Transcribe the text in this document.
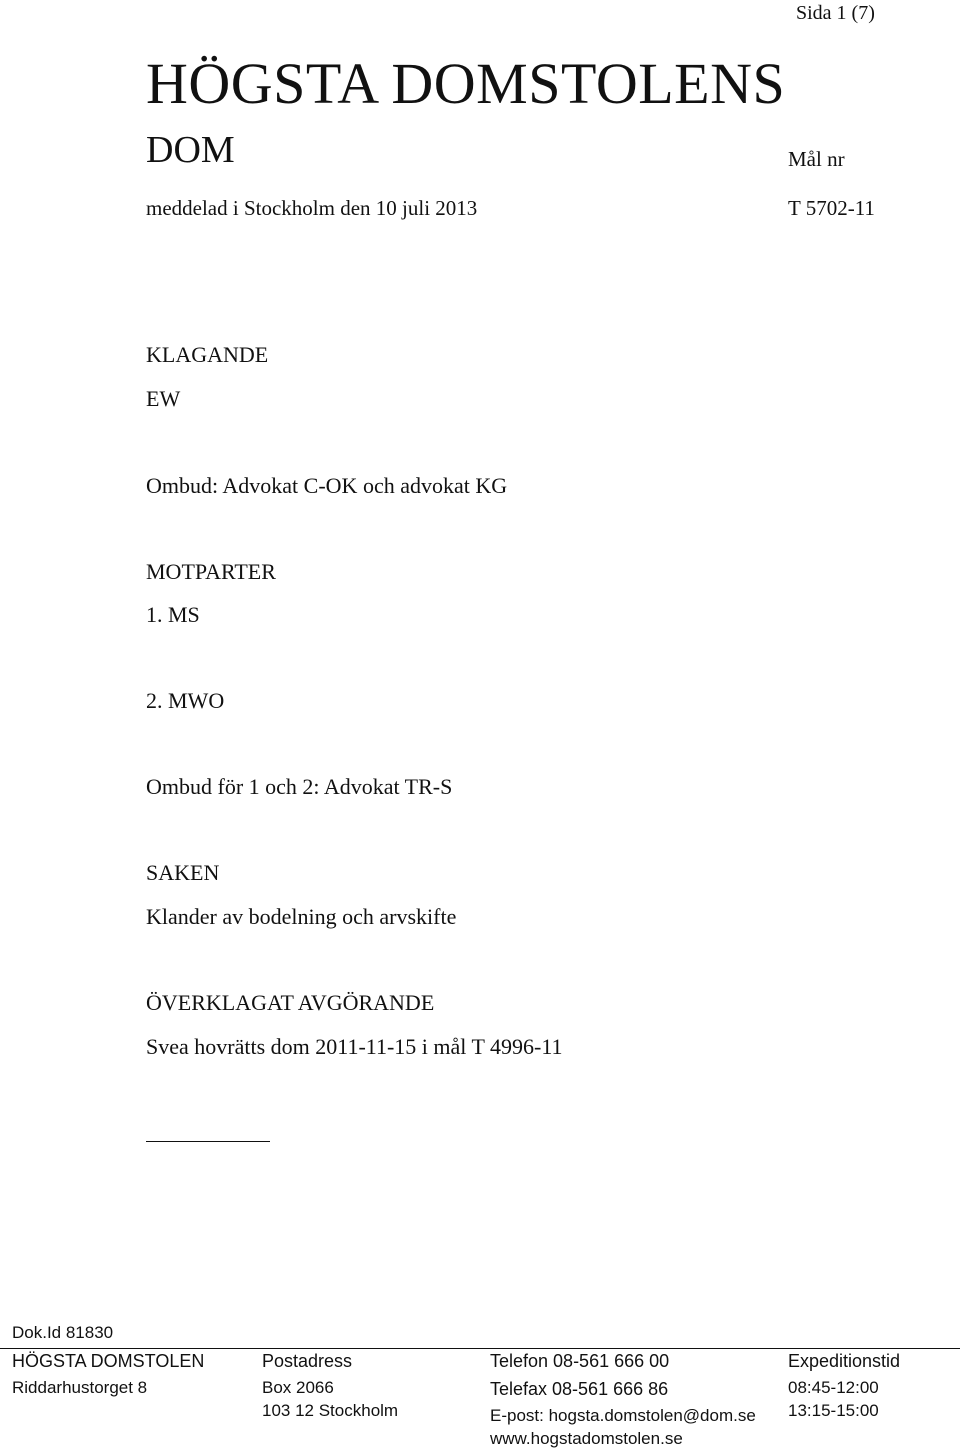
Sida 1 (7)
HÖGSTA DOMSTOLENS
DOM	Mål nr
meddelad i Stockholm den 10 juli 2013	T 5702-11
KLAGANDE
EW
Ombud: Advokat C-OK och advokat KG
MOTPARTER
1. MS
2. MWO
Ombud för 1 och 2: Advokat TR-S
SAKEN
Klander av bodelning och arvskifte
ÖVERKLAGAT AVGÖRANDE
Svea hovrätts dom 2011-11-15 i mål T 4996-11
Dok.Id 81830
HÖGSTA DOMSTOLEN
Riddarhustorget 8
Postadress
Box 2066
103 12 Stockholm
Telefon 08-561 666 00
Telefax 08-561 666 86
E-post: hogsta.domstolen@dom.se
www.hogstadomstolen.se
Expeditionstid
08:45-12:00
13:15-15:00
